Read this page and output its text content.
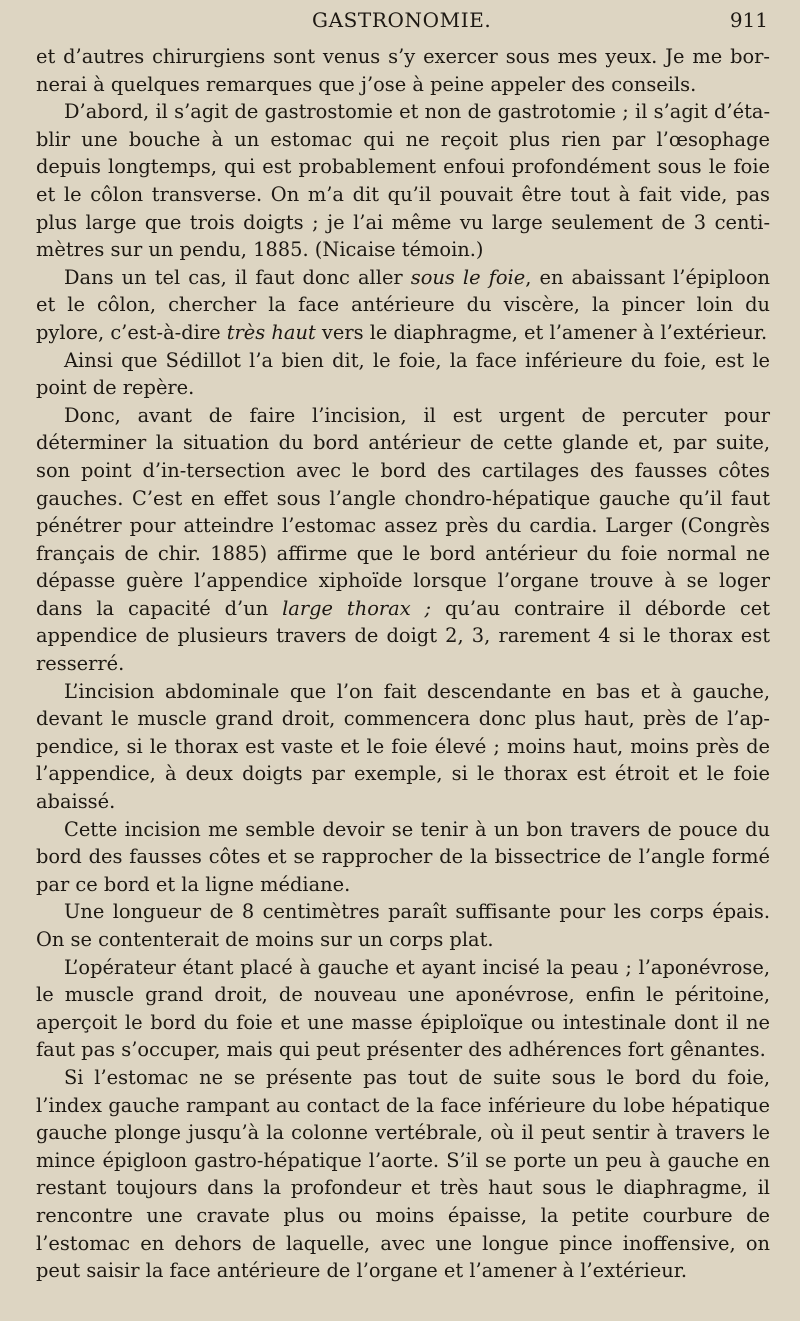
GASTRONOMIE.	911

et d’autres chirurgiens sont venus s’y exercer sous mes yeux. Je me bor-nerai à quelques remarques que j’ose à peine appeler des conseils.

D’abord, il s’agit de gastrostomie et non de gastrotomie ; il s’agit d’éta-blir une bouche à un estomac qui ne reçoit plus rien par l’œsophage depuis longtemps, qui est probablement enfoui profondément sous le foie et le côlon transverse. On m’a dit qu’il pouvait être tout à fait vide, pas plus large que trois doigts ; je l’ai même vu large seulement de 3 centi-mètres sur un pendu, 1885. (Nicaise témoin.)

Dans un tel cas, il faut donc aller sous le foie, en abaissant l’épiploon et le côlon, chercher la face antérieure du viscère, la pincer loin du pylore, c’est-à-dire très haut vers le diaphragme, et l’amener à l’extérieur.

Ainsi que Sédillot l’a bien dit, le foie, la face inférieure du foie, est le point de repère.

Donc, avant de faire l’incision, il est urgent de percuter pour déterminer la situation du bord antérieur de cette glande et, par suite, son point d’in-tersection avec le bord des cartilages des fausses côtes gauches. C’est en effet sous l’angle chondro-hépatique gauche qu’il faut pénétrer pour atteindre l’estomac assez près du cardia. Larger (Congrès français de chir. 1885) affirme que le bord antérieur du foie normal ne dépasse guère l’appendice xiphoïde lorsque l’organe trouve à se loger dans la capacité d’un large thorax ; qu’au contraire il déborde cet appendice de plusieurs travers de doigt 2, 3, rarement 4 si le thorax est resserré.

L’incision abdominale que l’on fait descendante en bas et à gauche, devant le muscle grand droit, commencera donc plus haut, près de l’ap-pendice, si le thorax est vaste et le foie élevé ; moins haut, moins près de l’appendice, à deux doigts par exemple, si le thorax est étroit et le foie abaissé.

Cette incision me semble devoir se tenir à un bon travers de pouce du bord des fausses côtes et se rapprocher de la bissectrice de l’angle formé par ce bord et la ligne médiane.

Une longueur de 8 centimètres paraît suffisante pour les corps épais. On se contenterait de moins sur un corps plat.

L’opérateur étant placé à gauche et ayant incisé la peau ; l’aponévrose, le muscle grand droit, de nouveau une aponévrose, enfin le péritoine, aperçoit le bord du foie et une masse épiploïque ou intestinale dont il ne faut pas s’occuper, mais qui peut présenter des adhérences fort gênantes.

Si l’estomac ne se présente pas tout de suite sous le bord du foie, l’index gauche rampant au contact de la face inférieure du lobe hépatique gauche plonge jusqu’à la colonne vertébrale, où il peut sentir à travers le mince épigloon gastro-hépatique l’aorte. S’il se porte un peu à gauche en restant toujours dans la profondeur et très haut sous le diaphragme, il rencontre une cravate plus ou moins épaisse, la petite courbure de l’estomac en dehors de laquelle, avec une longue pince inoffensive, on peut saisir la face antérieure de l’organe et l’amener à l’extérieur.
